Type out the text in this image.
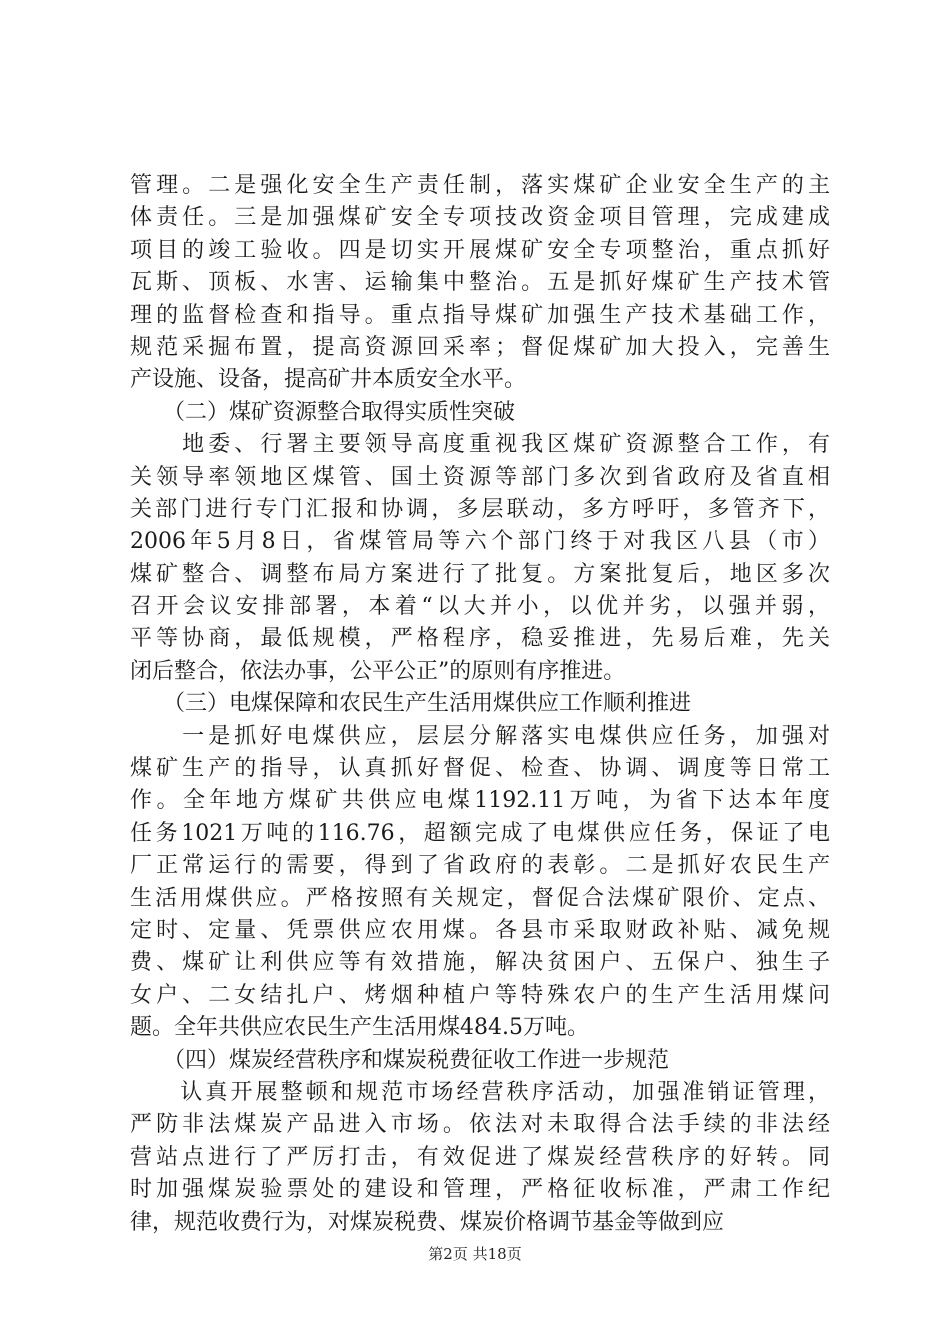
管理。二是强化安全生产责任制，落实煤矿企业安全生产的主
体责任。三是加强煤矿安全专项技改资金项目管理，完成建成
项目的竣工验收。四是切实开展煤矿安全专项整治，重点抓好
瓦斯、顶板、水害、运输集中整治。五是抓好煤矿生产技术管
理的监督检查和指导。重点指导煤矿加强生产技术基础工作，
规范采掘布置，提高资源回采率；督促煤矿加大投入，完善生
产设施、设备，提高矿井本质安全水平。
　　（二）煤矿资源整合取得实质性突破
　　地委、行署主要领导高度重视我区煤矿资源整合工作，有
关领导率领地区煤管、国土资源等部门多次到省政府及省直相
关部门进行专门汇报和协调，多层联动，多方呼吁，多管齐下，
2006年5月8日，省煤管局等六个部门终于对我区八县（市）
煤矿整合、调整布局方案进行了批复。方案批复后，地区多次
召开会议安排部署，本着“以大并小，以优并劣，以强并弱，
平等协商，最低规模，严格程序，稳妥推进，先易后难，先关
闭后整合，依法办事，公平公正”的原则有序推进。
　　（三）电煤保障和农民生产生活用煤供应工作顺利推进
　　一是抓好电煤供应，层层分解落实电煤供应任务，加强对
煤矿生产的指导，认真抓好督促、检查、协调、调度等日常工
作。全年地方煤矿共供应电煤1192.11万吨，为省下达本年度
任务1021万吨的116.76，超额完成了电煤供应任务，保证了电
厂正常运行的需要，得到了省政府的表彰。二是抓好农民生产
生活用煤供应。严格按照有关规定，督促合法煤矿限价、定点、
定时、定量、凭票供应农用煤。各县市采取财政补贴、减免规
费、煤矿让利供应等有效措施，解决贫困户、五保户、独生子
女户、二女结扎户、烤烟种植户等特殊农户的生产生活用煤问
题。全年共供应农民生产生活用煤484.5万吨。
　　（四）煤炭经营秩序和煤炭税费征收工作进一步规范
　　认真开展整顿和规范市场经营秩序活动，加强准销证管理，
严防非法煤炭产品进入市场。依法对未取得合法手续的非法经
营站点进行了严厉打击，有效促进了煤炭经营秩序的好转。同
时加强煤炭验票处的建设和管理，严格征收标准，严肃工作纪
律，规范收费行为，对煤炭税费、煤炭价格调节基金等做到应
第2页 共18页
